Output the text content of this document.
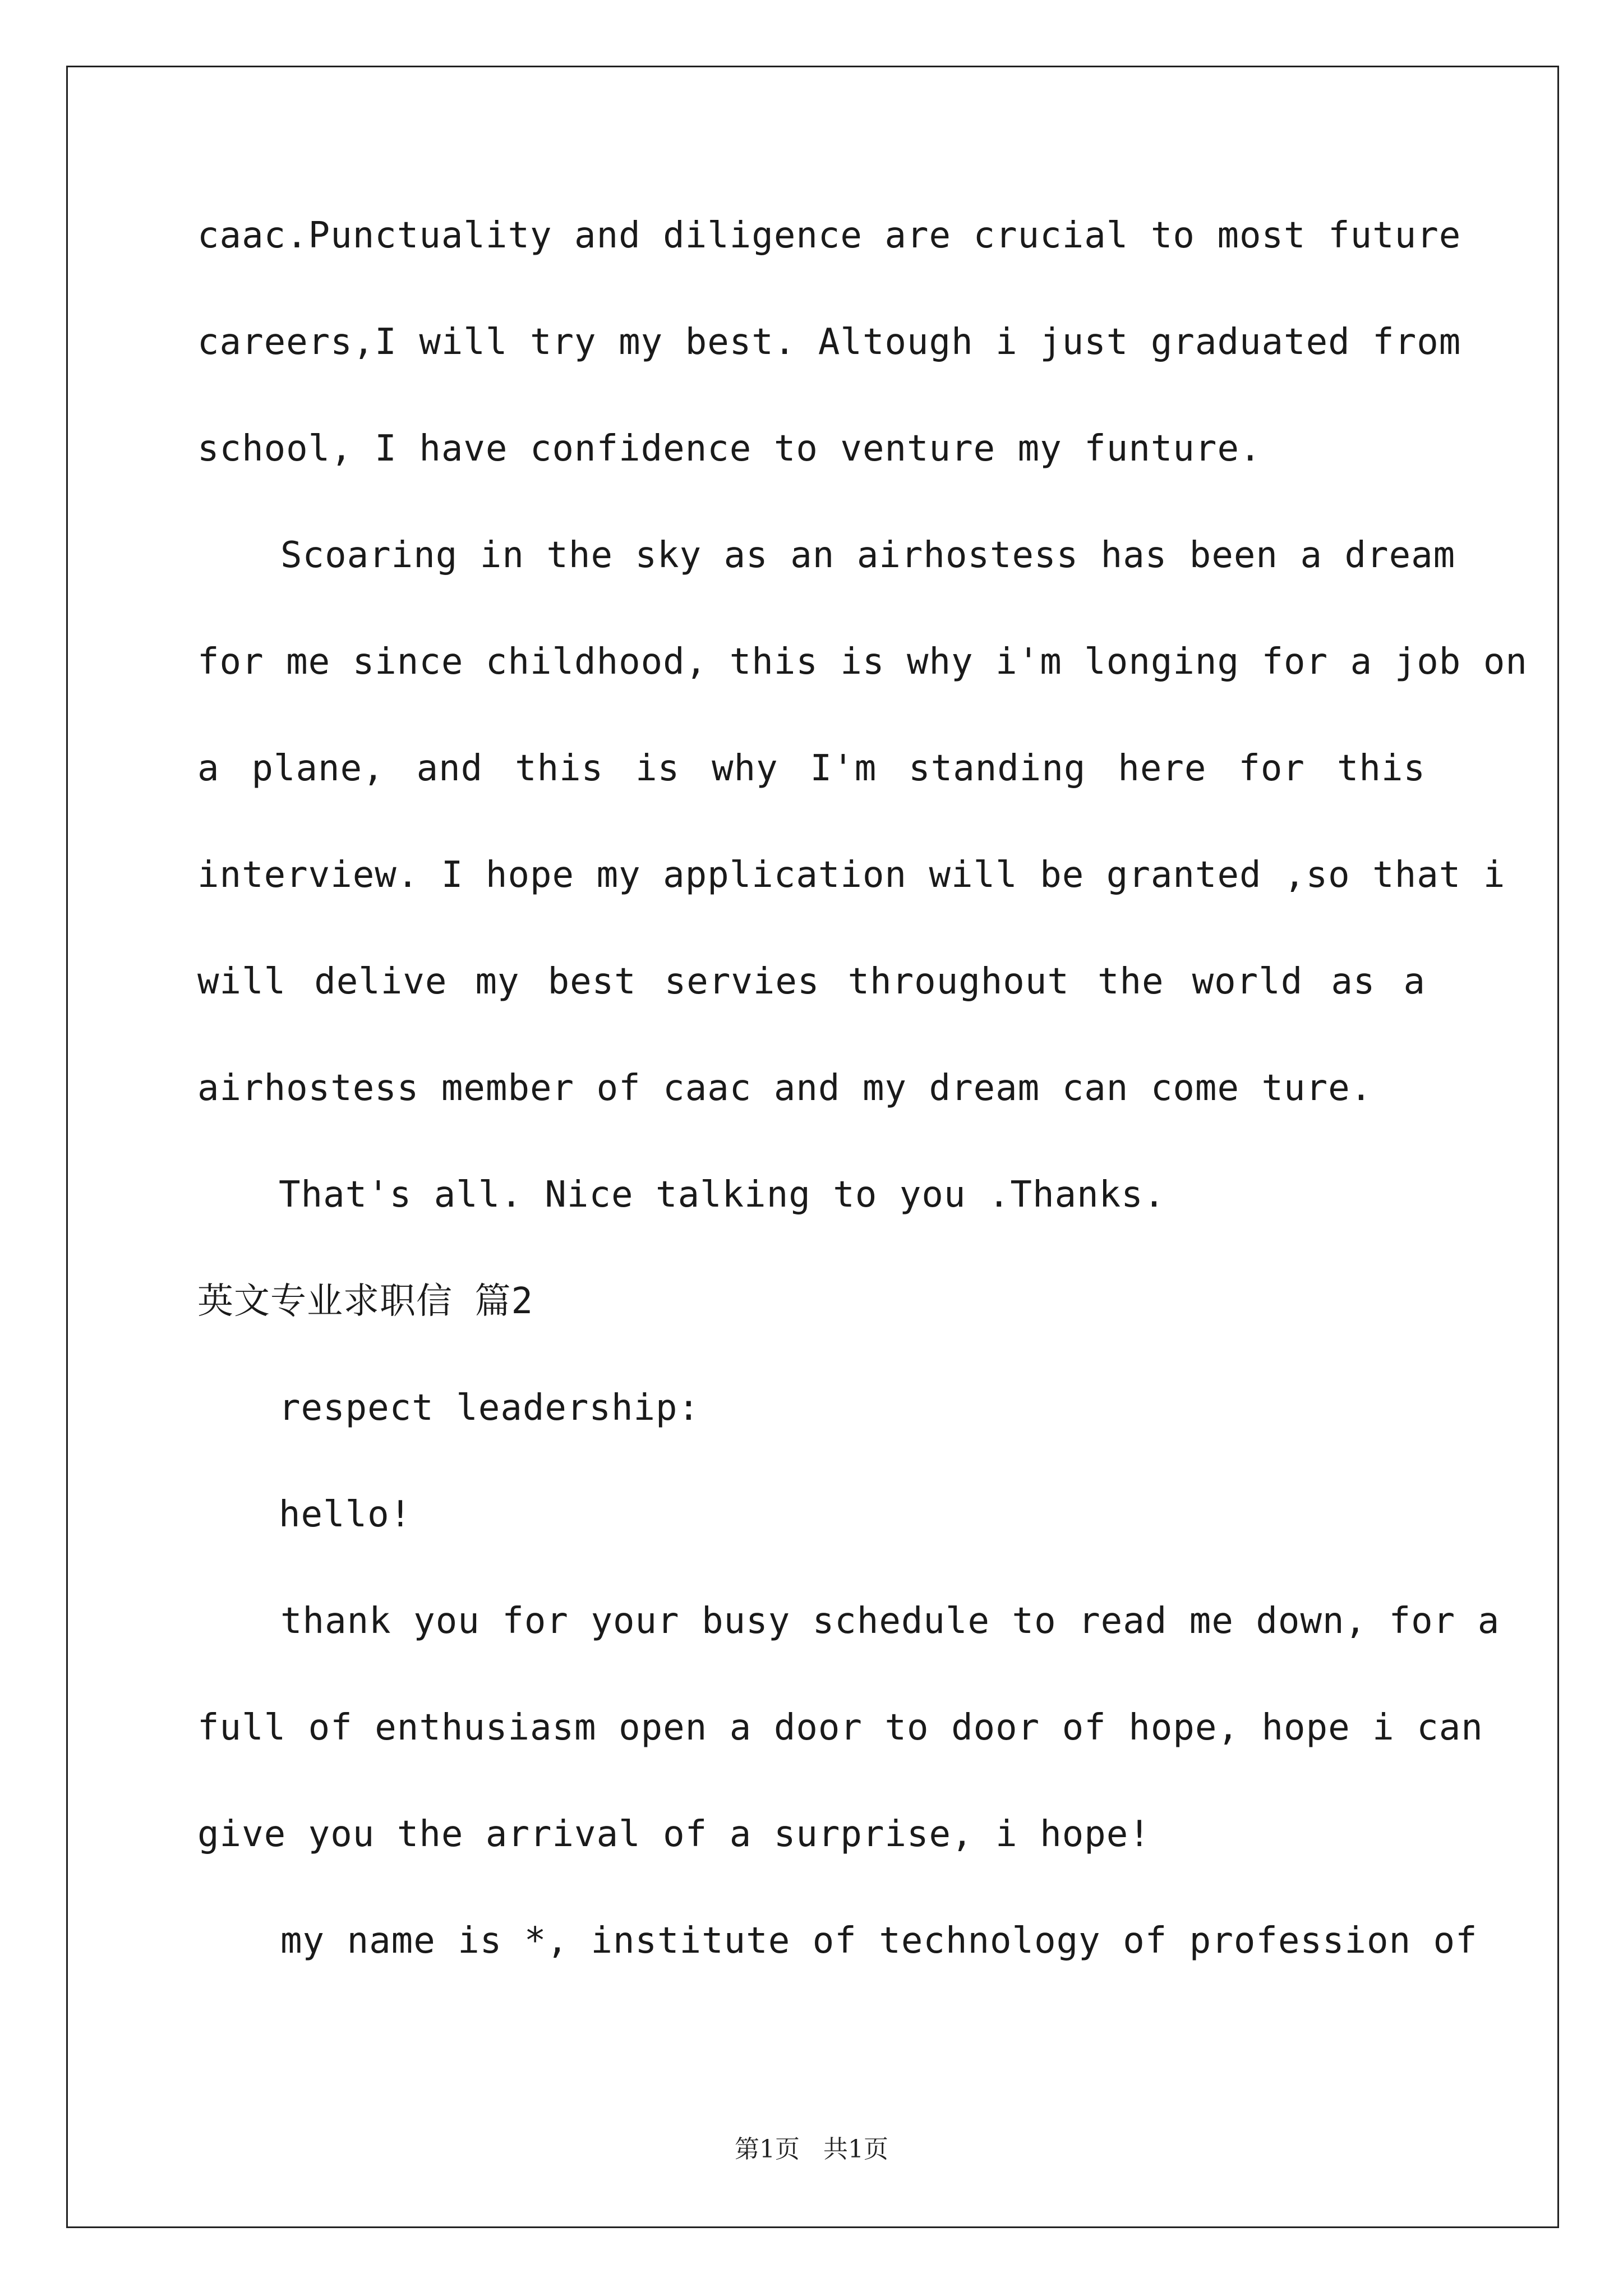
caac.Punctuality and diligence are crucial to most future
careers,I will try my best. Altough i just graduated from
school, I have confidence to venture my funture.
Scoaring in the sky as an airhostess has been a dream
for me since childhood, this is why i'm longing for a job on
a plane, and this is why I'm standing here for this
interview. I hope my application will be granted ,so that i
will delive my best servies throughout the world as a
airhostess member of caac and my dream can come ture.
That's all. Nice talking to you .Thanks.
英文专业求职信 篇2
respect leadership:
hello!
thank you for your busy schedule to read me down, for a
full of enthusiasm open a door to door of hope, hope i can
give you the arrival of a surprise, i hope!
my name is *, institute of technology of profession of
第1页   共1页
